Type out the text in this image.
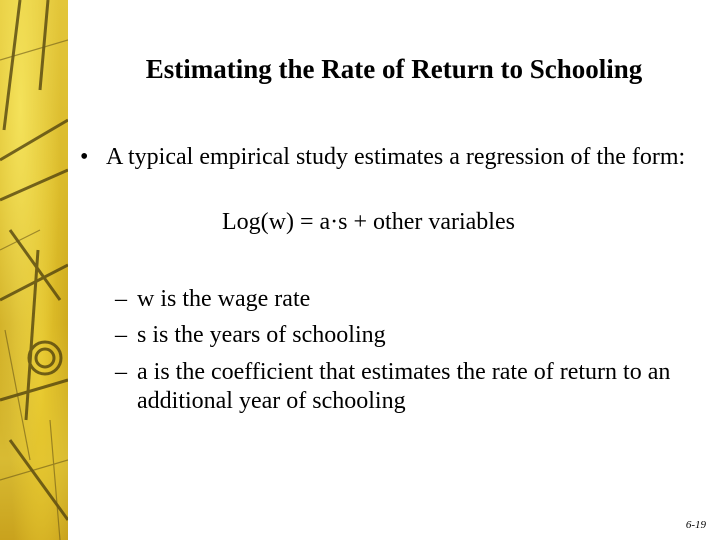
Estimating the Rate of Return to Schooling
• A typical empirical study estimates a regression of the form:
Log(w) = a·s + other variables
– w is the wage rate
– s is the years of schooling
– a is the coefficient that estimates the rate of return to an additional year of schooling
6-19
